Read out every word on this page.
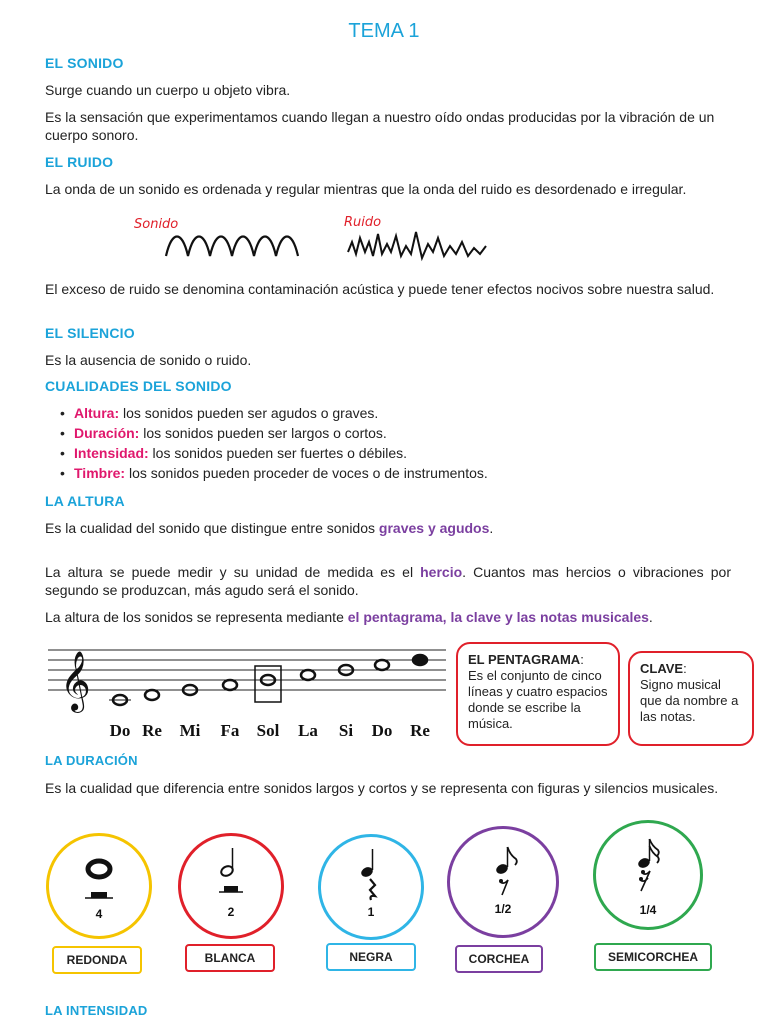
TEMA 1
EL SONIDO
Surge cuando un cuerpo u objeto vibra.
Es la sensación que experimentamos cuando llegan a nuestro oído ondas producidas por la vibración de un cuerpo sonoro.
EL RUIDO
La onda de un sonido es ordenada y regular mientras que la onda del ruido es desordenado e irregular.
Sonido	Ruido
El exceso de ruido se denomina contaminación acústica y puede tener efectos nocivos sobre nuestra salud.
EL SILENCIO
Es la ausencia de sonido o ruido.
CUALIDADES DEL SONIDO
• Altura: los sonidos pueden ser agudos o graves.
• Duración: los sonidos pueden ser largos o cortos.
• Intensidad: los sonidos pueden ser fuertes o débiles.
• Timbre: los sonidos pueden proceder de voces o de instrumentos.
LA ALTURA
Es la cualidad del sonido que distingue entre sonidos graves y agudos.
La altura se puede medir y su unidad de medida es el hercio. Cuantos mas hercios o vibraciones por segundo se produzcan, más agudo será el sonido.
La altura de los sonidos se representa mediante el pentagrama, la clave y las notas musicales.
𝄞
Do Re Mi Fa Sol La Si Do Re
EL PENTAGRAMA:
Es el conjunto de cinco líneas y cuatro espacios donde se escribe la música.
CLAVE:
Signo musical que da nombre a las notas.
LA DURACIÓN
Es la cualidad que diferencia entre sonidos largos y cortos y se representa con figuras y silencios musicales.
4
REDONDA
2
BLANCA
1
NEGRA
1/2
CORCHEA
1/4
SEMICORCHEA
LA INTENSIDAD
